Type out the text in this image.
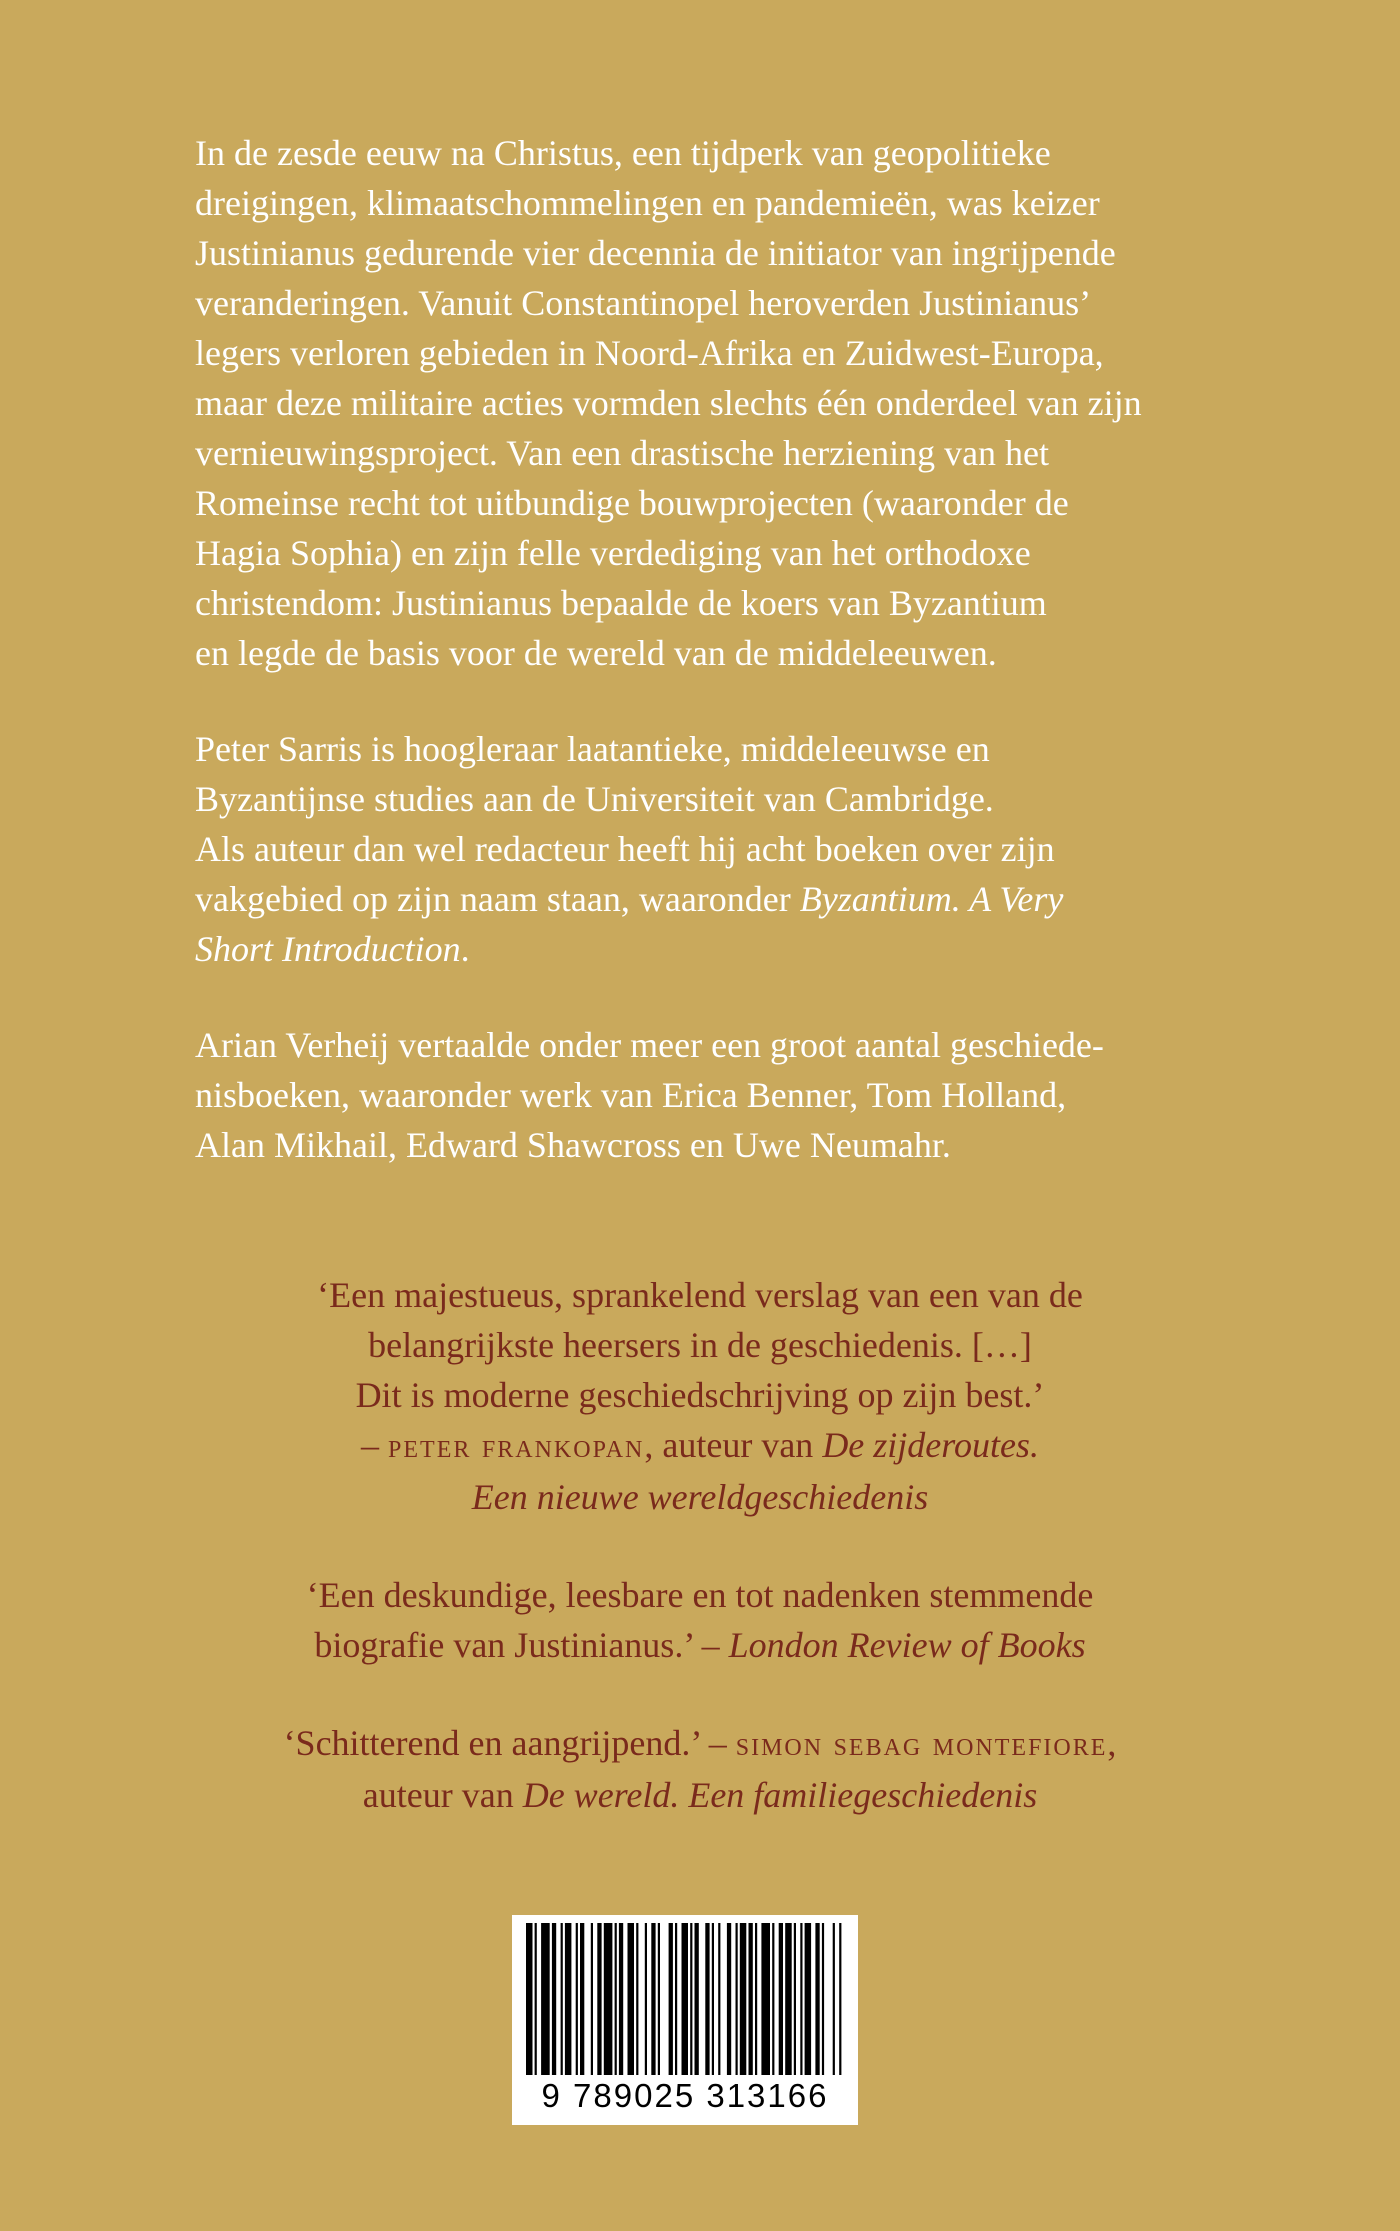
In de zesde eeuw na Christus, een tijdperk van geopolitieke

dreigingen, klimaatschommelingen en pandemieën, was keizer

Justinianus gedurende vier decennia de initiator van ingrijpende

veranderingen. Vanuit Constantinopel heroverden Justinianus’

legers verloren gebieden in Noord-Afrika en Zuidwest-Europa,

maar deze militaire acties vormden slechts één onderdeel van zijn

vernieuwingsproject. Van een drastische herziening van het

Romeinse recht tot uitbundige bouwprojecten (waaronder de

Hagia Sophia) en zijn felle verdediging van het orthodoxe

christendom: Justinianus bepaalde de koers van Byzantium

en legde de basis voor de wereld van de middeleeuwen.

Peter Sarris is hoogleraar laatantieke, middeleeuwse en

Byzantijnse studies aan de Universiteit van Cambridge.

Als auteur dan wel redacteur heeft hij acht boeken over zijn

vakgebied op zijn naam staan, waaronder Byzantium. A Very

Short Introduction.

Arian Verheij vertaalde onder meer een groot aantal geschiede-

nisboeken, waaronder werk van Erica Benner, Tom Holland,

Alan Mikhail, Edward Shawcross en Uwe Neumahr.

‘Een majestueus, sprankelend verslag van een van de
belangrijkste heersers in de geschiedenis. […]
Dit is moderne geschiedschrijving op zijn best.’
– peter frankopan, auteur van De zijderoutes.
Een nieuwe wereldgeschiedenis
‘Een deskundige, leesbare en tot nadenken stemmende
biografie van Justinianus.’ – London Review of Books
‘Schitterend en aangrijpend.’ – simon sebag montefiore,
auteur van De wereld. Een familiegeschiedenis
9 789025 313166
